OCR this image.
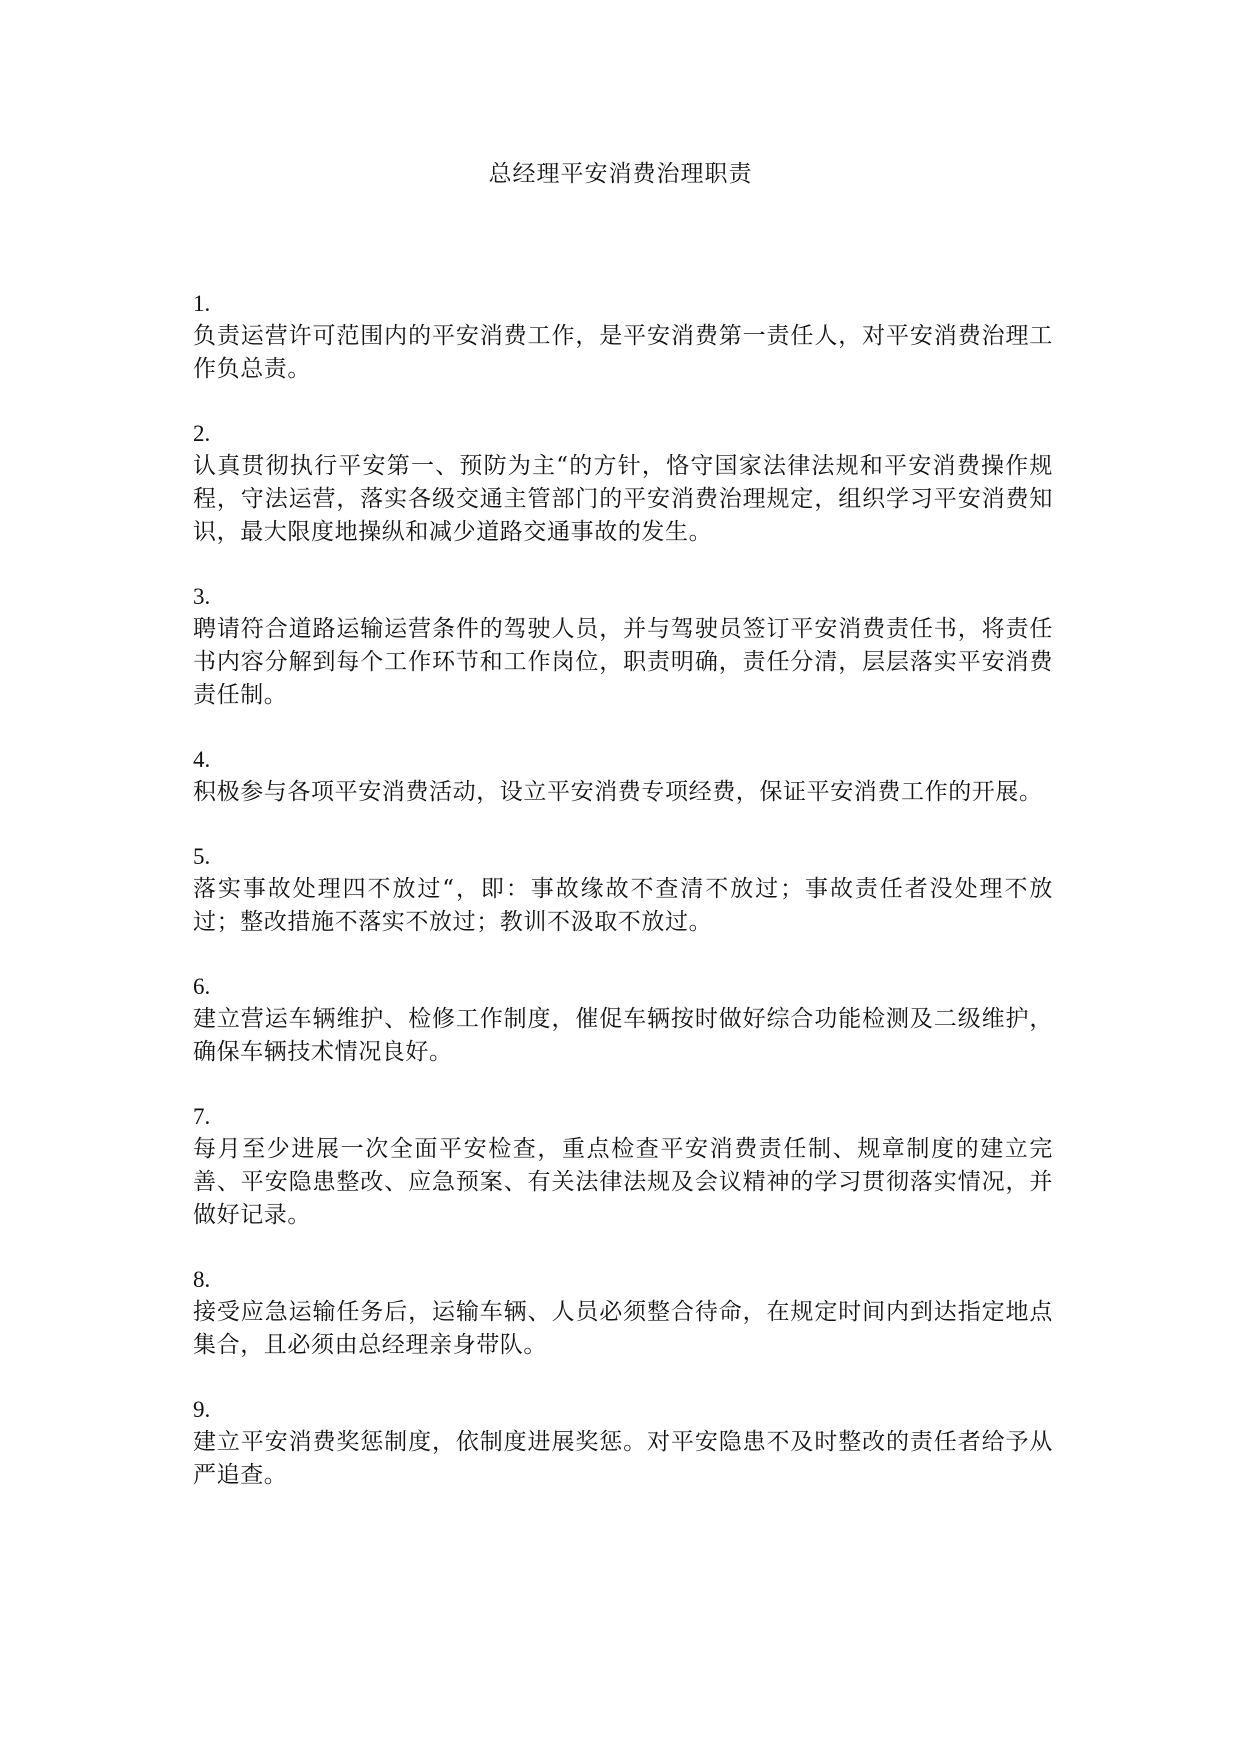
总经理平安消费治理职责
1.
负责运营许可范围内的平安消费工作，是平安消费第一责任人，对平安消费治理工作负总责。
2.
认真贯彻执行平安第一、预防为主“的方针，恪守国家法律法规和平安消费操作规程，守法运营，落实各级交通主管部门的平安消费治理规定，组织学习平安消费知识，最大限度地操纵和减少道路交通事故的发生。
3.
聘请符合道路运输运营条件的驾驶人员，并与驾驶员签订平安消费责任书，将责任书内容分解到每个工作环节和工作岗位，职责明确，责任分清，层层落实平安消费责任制。
4.
积极参与各项平安消费活动，设立平安消费专项经费，保证平安消费工作的开展。
5.
落实事故处理四不放过“，即：事故缘故不查清不放过；事故责任者没处理不放过；整改措施不落实不放过；教训不汲取不放过。
6.
建立营运车辆维护、检修工作制度，催促车辆按时做好综合功能检测及二级维护，确保车辆技术情况良好。
7.
每月至少进展一次全面平安检查，重点检查平安消费责任制、规章制度的建立完善、平安隐患整改、应急预案、有关法律法规及会议精神的学习贯彻落实情况，并做好记录。
8.
接受应急运输任务后，运输车辆、人员必须整合待命，在规定时间内到达指定地点集合，且必须由总经理亲身带队。
9.
建立平安消费奖惩制度，依制度进展奖惩。对平安隐患不及时整改的责任者给予从严追查。
